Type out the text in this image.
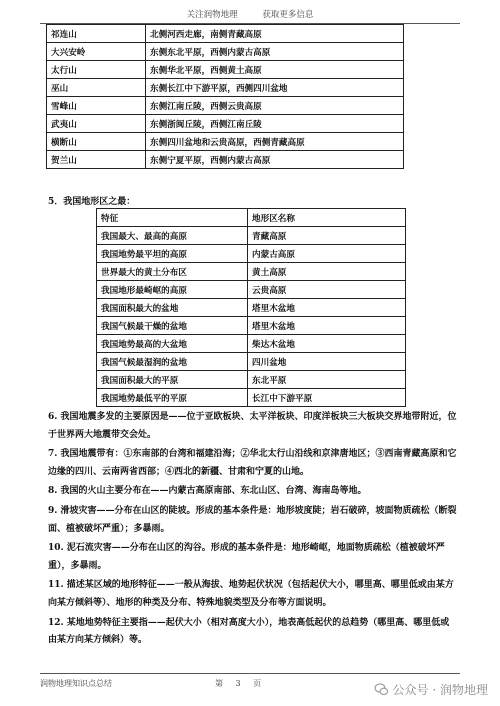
关注润物地理	获取更多信息
祁连山	北侧河西走廊，南侧青藏高原
大兴安岭	东侧东北平原，西侧内蒙古高原
太行山	东侧华北平原，西侧黄土高原
巫山	东侧长江中下游平原，西侧四川盆地
雪峰山	东侧江南丘陵，西侧云贵高原
武夷山	东侧浙闽丘陵，西侧江南丘陵
横断山	东侧四川盆地和云贵高原，西侧青藏高原
贺兰山	东侧宁夏平原，西侧内蒙古高原
5．我国地形区之最：
特征	地形区名称
我国最大、最高的高原	青藏高原
我国地势最平坦的高原	内蒙古高原
世界最大的黄土分布区	黄土高原
我国地形最崎岖的高原	云贵高原
我国面积最大的盆地	塔里木盆地
我国气候最干燥的盆地	塔里木盆地
我国地势最高的大盆地	柴达木盆地
我国气候最湿润的盆地	四川盆地
我国面积最大的平原	东北平原
我国地势最低平的平原	长江中下游平原

6. 我国地震多发的主要原因是——位于亚欧板块、太平洋板块、印度洋板块三大板块交界地带附近，位于世界两大地震带交会处。

7. 我国地震带有：①东南部的台湾和福建沿海；②华北太行山沿线和京津唐地区；③西南青藏高原和它边缘的四川、云南两省西部；④西北的新疆、甘肃和宁夏的山地。

8. 我国的火山主要分布在——内蒙古高原南部、东北山区、台湾、海南岛等地。

9. 滑坡灾害——分布在山区的陡坡。形成的基本条件是：地形坡度陡；岩石破碎，坡面物质疏松（断裂面、植被破坏严重）；多暴雨。

10. 泥石流灾害——分布在山区的沟谷。形成的基本条件是：地形崎岖，地面物质疏松（植被破坏严重），多暴雨。

11. 描述某区域的地形特征——一般从海拔、地势起伏状况（包括起伏大小，哪里高、哪里低或由某方向某方倾斜等）、地形的种类及分布、特殊地貌类型及分布等方面说明。

12. 某地地势特征主要指——起伏大小（相对高度大小），地表高低起伏的总趋势（哪里高、哪里低或由某方向某方倾斜）等。

润物地理知识点总结	第 3 页	公众号 · 润物地理
